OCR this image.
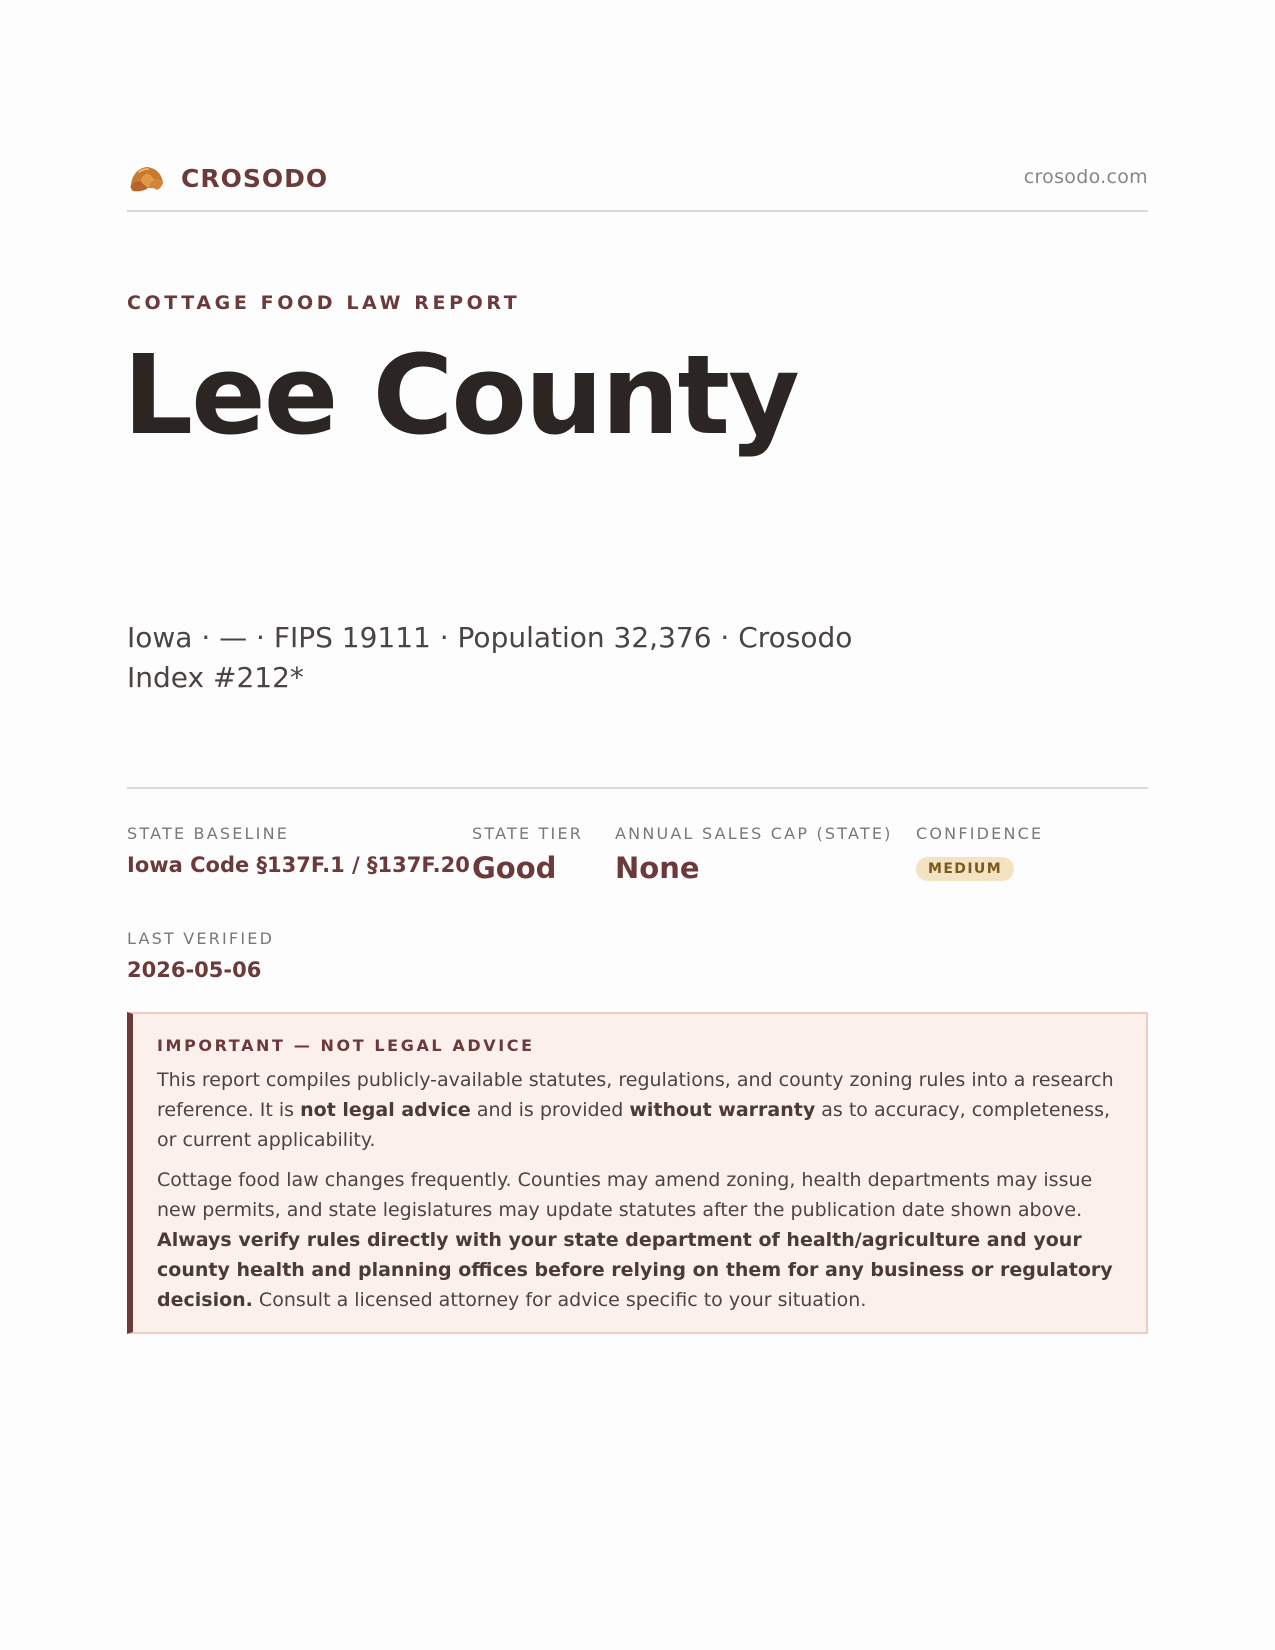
CROSODO	crosodo.com
COTTAGE FOOD LAW REPORT
Lee County
Iowa · — · FIPS 19111 · Population 32,376 · Crosodo Index #212*
STATE BASELINE
Iowa Code §137F.1 / §137F.20
STATE TIER
Good
ANNUAL SALES CAP (STATE)
None
CONFIDENCE
MEDIUM
LAST VERIFIED
2026-05-06
IMPORTANT — NOT LEGAL ADVICE

This report compiles publicly-available statutes, regulations, and county zoning rules into a research reference. It is not legal advice and is provided without warranty as to accuracy, completeness, or current applicability.

Cottage food law changes frequently. Counties may amend zoning, health departments may issue new permits, and state legislatures may update statutes after the publication date shown above. Always verify rules directly with your state department of health/agriculture and your county health and planning offices before relying on them for any business or regulatory decision. Consult a licensed attorney for advice specific to your situation.
